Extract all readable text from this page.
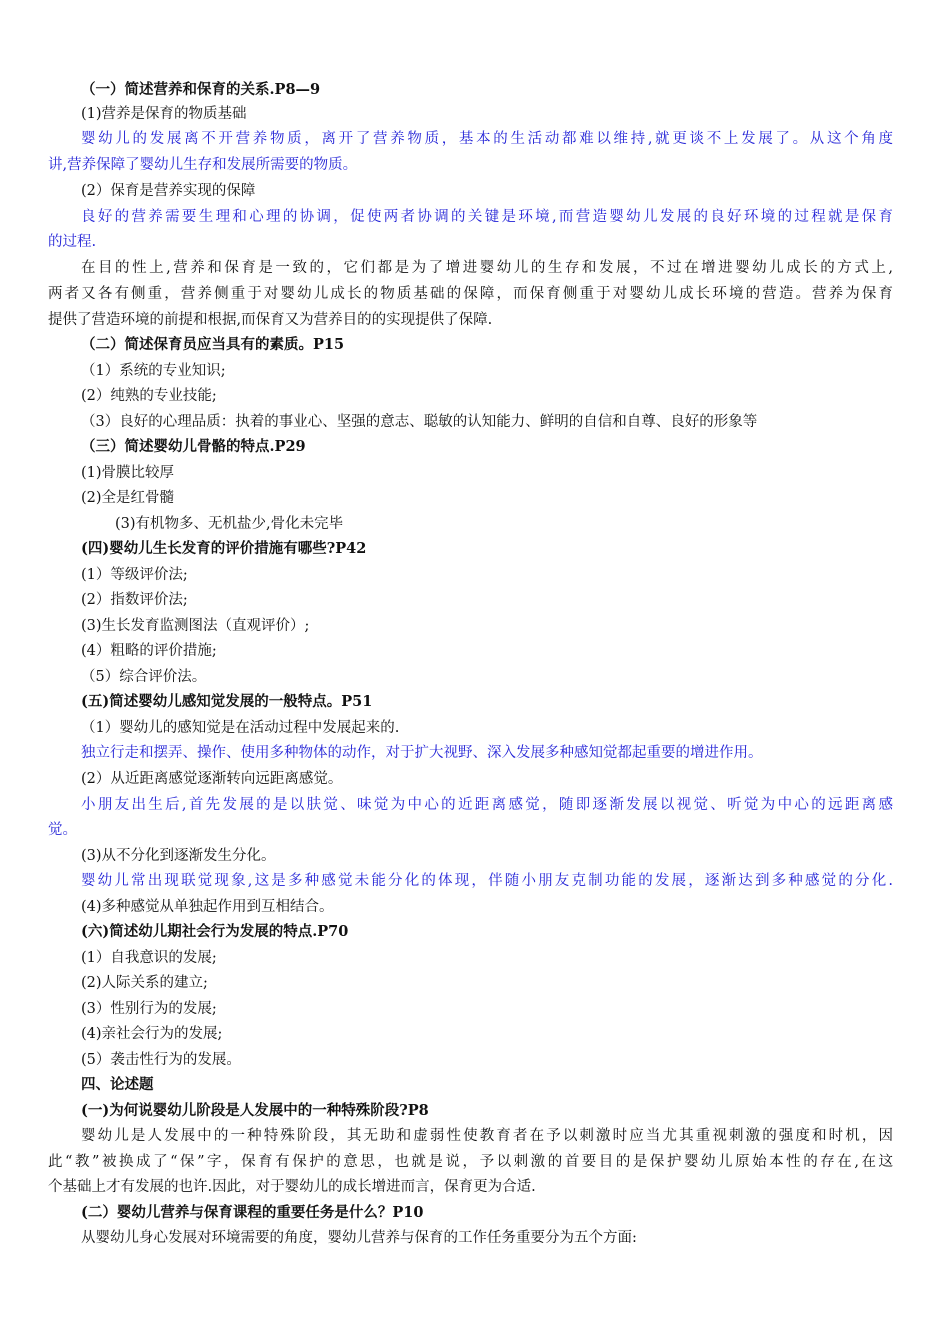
（一）简述营养和保育的关系.P8—9
(1)营养是保育的物质基础
婴幼儿的发展离不开营养物质，离开了营养物质，基本的生活动都难以维持,就更谈不上发展了。从这个角度
讲,营养保障了婴幼儿生存和发展所需要的物质。
(2）保育是营养实现的保障
良好的营养需要生理和心理的协调，促使两者协调的关键是环境,而营造婴幼儿发展的良好环境的过程就是保育
的过程.
在目的性上,营养和保育是一致的，它们都是为了增进婴幼儿的生存和发展，不过在增进婴幼儿成长的方式上,
两者又各有侧重，营养侧重于对婴幼儿成长的物质基础的保障，而保育侧重于对婴幼儿成长环境的营造。营养为保育
提供了营造环境的前提和根据,而保育又为营养目的的实现提供了保障.
（二）简述保育员应当具有的素质。P15
（1）系统的专业知识;
(2）纯熟的专业技能;
（3）良好的心理品质：执着的事业心、坚强的意志、聪敏的认知能力、鲜明的自信和自尊、良好的形象等
（三）简述婴幼儿骨骼的特点.P29
(1)骨膜比较厚
(2)全是红骨髓
(3)有机物多、无机盐少,骨化未完毕
(四)婴幼儿生长发育的评价措施有哪些?P42
(1）等级评价法;
(2）指数评价法;
(3)生长发育监测图法（直观评价）;
(4）粗略的评价措施;
（5）综合评价法。
(五)简述婴幼儿感知觉发展的一般特点。P51
（1）婴幼儿的感知觉是在活动过程中发展起来的.
独立行走和摆弄、操作、使用多种物体的动作，对于扩大视野、深入发展多种感知觉都起重要的增进作用。
(2）从近距离感觉逐渐转向远距离感觉。
小朋友出生后,首先发展的是以肤觉、味觉为中心的近距离感觉，随即逐渐发展以视觉、听觉为中心的远距离感
觉。
(3)从不分化到逐渐发生分化。
婴幼儿常出现联觉现象,这是多种感觉未能分化的体现，伴随小朋友克制功能的发展，逐渐达到多种感觉的分化.
(4)多种感觉从单独起作用到互相结合。
(六)简述幼儿期社会行为发展的特点.P70
(1）自我意识的发展;
(2)人际关系的建立;
(3）性别行为的发展;
(4)亲社会行为的发展;
(5）袭击性行为的发展。
四、论述题
(一)为何说婴幼儿阶段是人发展中的一种特殊阶段?P8
婴幼儿是人发展中的一种特殊阶段，其无助和虚弱性使教育者在予以刺激时应当尤其重视刺激的强度和时机，因
此“教”被换成了“保”字，保育有保护的意思，也就是说，予以刺激的首要目的是保护婴幼儿原始本性的存在,在这
个基础上才有发展的也许.因此，对于婴幼儿的成长增进而言，保育更为合适.
(二）婴幼儿营养与保育课程的重要任务是什么？P10
从婴幼儿身心发展对环境需要的角度，婴幼儿营养与保育的工作任务重要分为五个方面:
